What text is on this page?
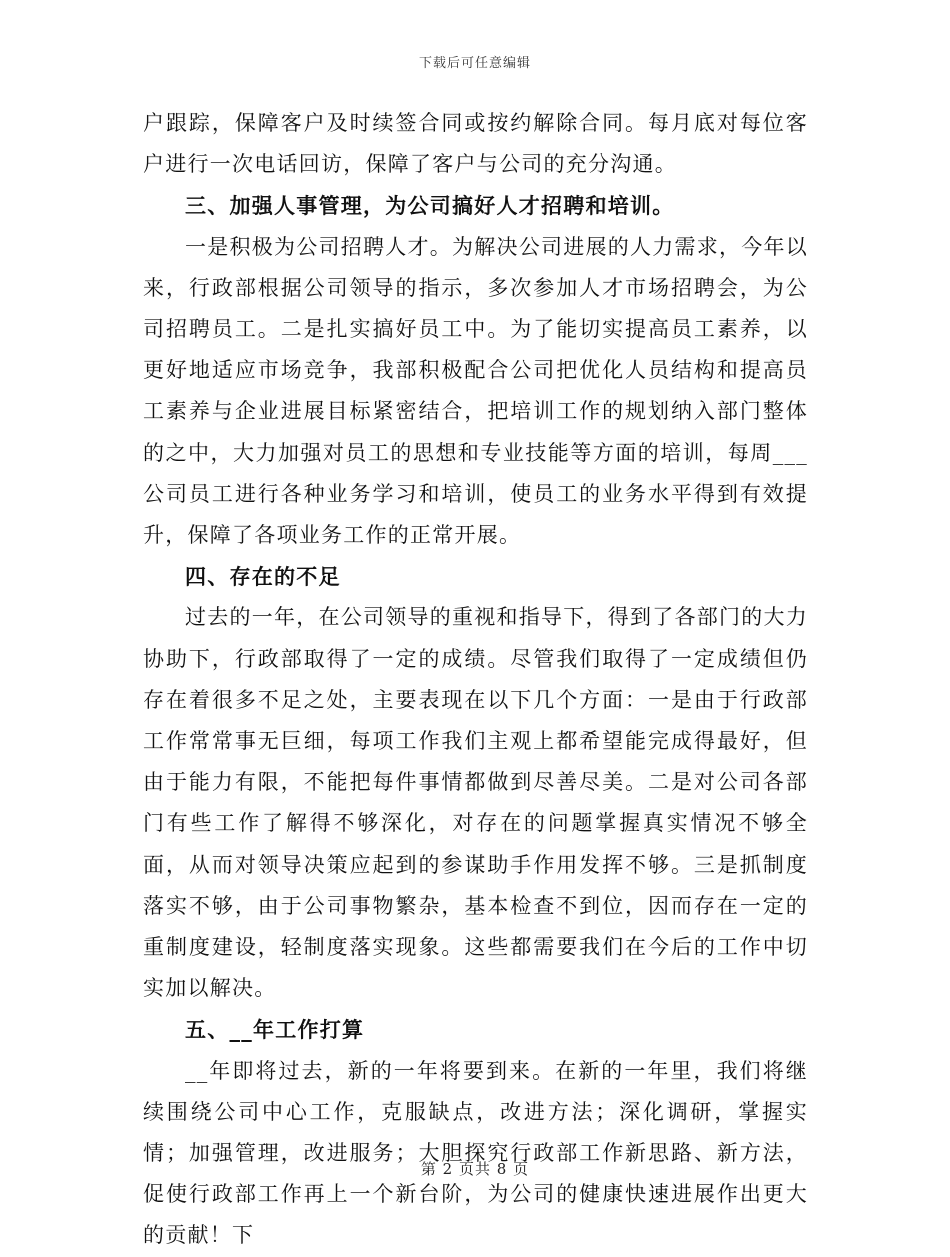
下载后可任意编辑

户跟踪，保障客户及时续签合同或按约解除合同。每月底对每位客户进行一次电话回访，保障了客户与公司的充分沟通。

三、加强人事管理，为公司搞好人才招聘和培训。

一是积极为公司招聘人才。为解决公司进展的人力需求，今年以来，行政部根据公司领导的指示，多次参加人才市场招聘会，为公司招聘员工。二是扎实搞好员工中。为了能切实提高员工素养，以更好地适应市场竞争，我部积极配合公司把优化人员结构和提高员工素养与企业进展目标紧密结合，把培训工作的规划纳入部门整体的之中，大力加强对员工的思想和专业技能等方面的培训，每周___公司员工进行各种业务学习和培训，使员工的业务水平得到有效提升，保障了各项业务工作的正常开展。

四、存在的不足

过去的一年，在公司领导的重视和指导下，得到了各部门的大力协助下，行政部取得了一定的成绩。尽管我们取得了一定成绩但仍存在着很多不足之处，主要表现在以下几个方面：一是由于行政部工作常常事无巨细，每项工作我们主观上都希望能完成得最好，但由于能力有限，不能把每件事情都做到尽善尽美。二是对公司各部门有些工作了解得不够深化，对存在的问题掌握真实情况不够全面，从而对领导决策应起到的参谋助手作用发挥不够。三是抓制度落实不够，由于公司事物繁杂，基本检查不到位，因而存在一定的重制度建设，轻制度落实现象。这些都需要我们在今后的工作中切实加以解决。

五、__年工作打算

__年即将过去，新的一年将要到来。在新的一年里，我们将继续围绕公司中心工作，克服缺点，改进方法；深化调研，掌握实情；加强管理，改进服务；大胆探究行政部工作新思路、新方法，促使行政部工作再上一个新台阶，为公司的健康快速进展作出更大的贡献！下

第 2 页共 8 页
